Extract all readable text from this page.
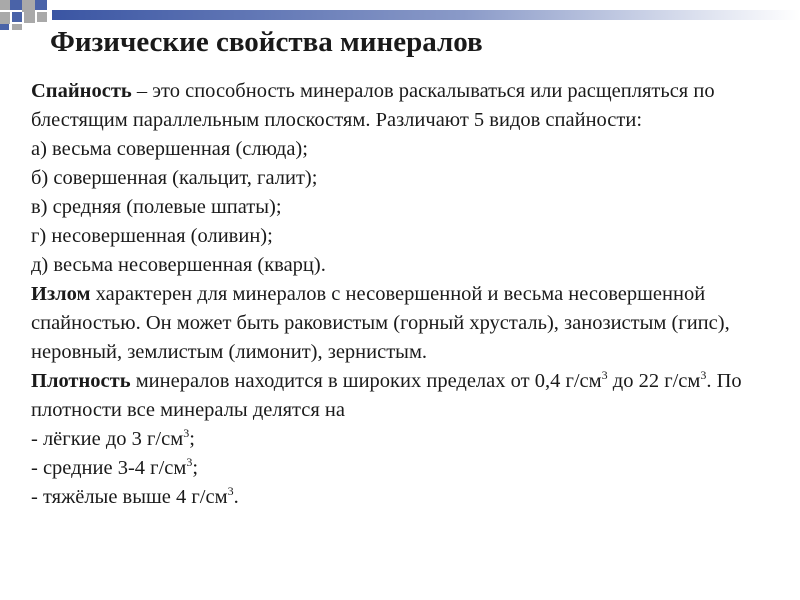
Физические свойства минералов

Спайность – это способность минералов раскалываться или расщепляться по блестящим параллельным плоскостям. Различают 5 видов спайности:

а) весьма совершенная (слюда);

б) совершенная (кальцит, галит);

в) средняя (полевые шпаты);

г) несовершенная (оливин);

д) весьма несовершенная (кварц).

Излом характерен для минералов с несовершенной и весьма несовершенной спайностью. Он может быть раковистым (горный хрусталь), занозистым (гипс), неровный, землистым (лимонит), зернистым.

Плотность минералов находится в широких пределах от 0,4 $г/см^3$ до 22 $г/см^3$. По плотности все минералы делятся на

- лёгкие до 3 $г/см^3$;

- средние 3-4 $г/см^3$;

- тяжёлые выше 4 $г/см^3$.
